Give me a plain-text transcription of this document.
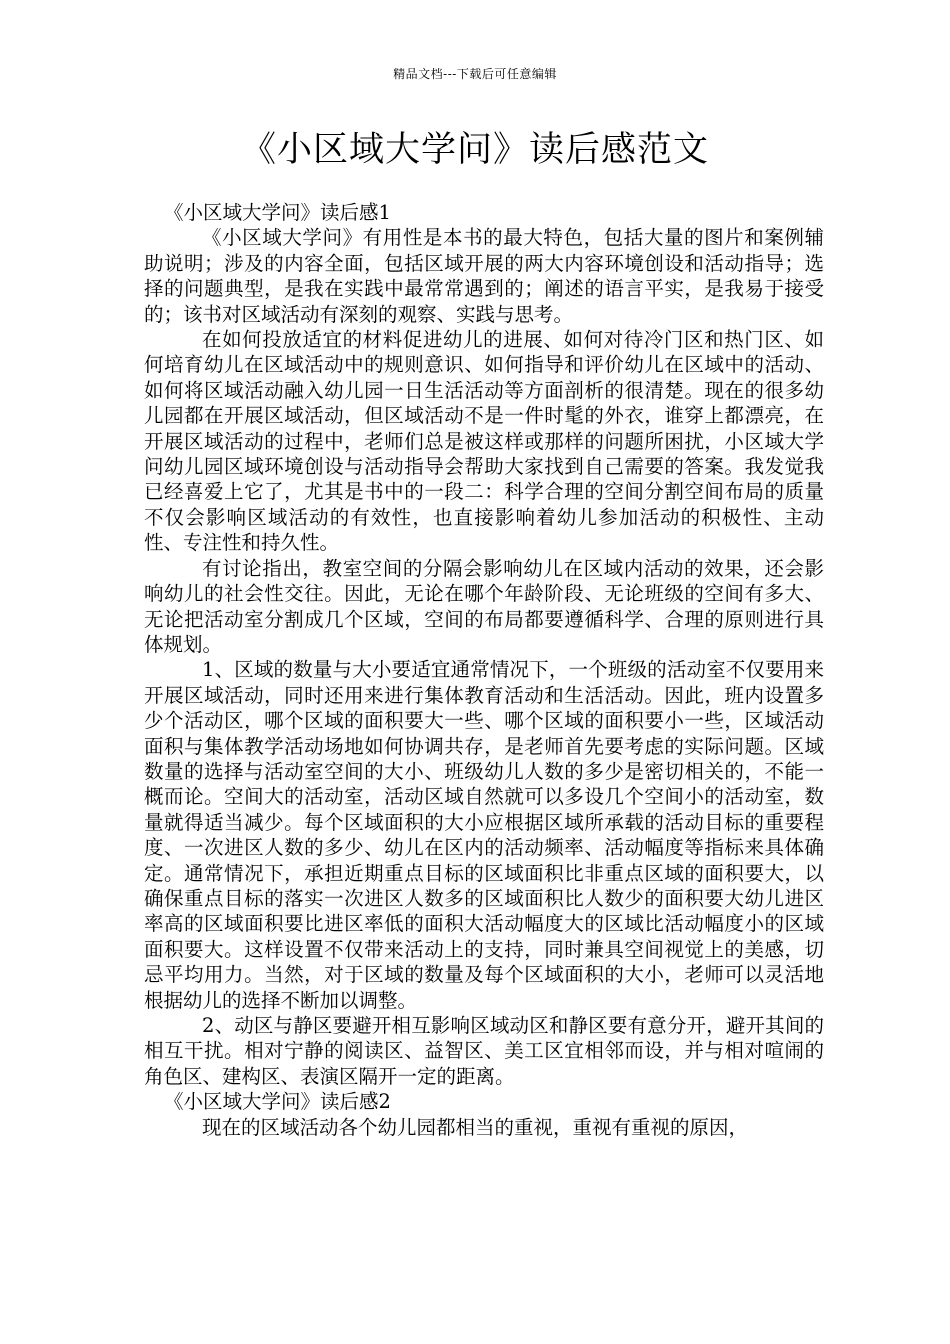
精品文档---下载后可任意编辑
《小区域大学问》读后感范文

《小区域大学问》读后感1

《小区域大学问》有用性是本书的最大特色，包括大量的图片和案例辅助说明；涉及的内容全面，包括区域开展的两大内容环境创设和活动指导；选择的问题典型，是我在实践中最常常遇到的；阐述的语言平实，是我易于接受的；该书对区域活动有深刻的观察、实践与思考。

在如何投放适宜的材料促进幼儿的进展、如何对待冷门区和热门区、如何培育幼儿在区域活动中的规则意识、如何指导和评价幼儿在区域中的活动、如何将区域活动融入幼儿园一日生活活动等方面剖析的很清楚。现在的很多幼儿园都在开展区域活动，但区域活动不是一件时髦的外衣，谁穿上都漂亮，在开展区域活动的过程中，老师们总是被这样或那样的问题所困扰，小区域大学问幼儿园区域环境创设与活动指导会帮助大家找到自己需要的答案。我发觉我已经喜爱上它了，尤其是书中的一段二：科学合理的空间分割空间布局的质量不仅会影响区域活动的有效性，也直接影响着幼儿参加活动的积极性、主动性、专注性和持久性。

有讨论指出，教室空间的分隔会影响幼儿在区域内活动的效果，还会影响幼儿的社会性交往。因此，无论在哪个年龄阶段、无论班级的空间有多大、无论把活动室分割成几个区域，空间的布局都要遵循科学、合理的原则进行具体规划。

1、区域的数量与大小要适宜通常情况下，一个班级的活动室不仅要用来开展区域活动，同时还用来进行集体教育活动和生活活动。因此，班内设置多少个活动区，哪个区域的面积要大一些、哪个区域的面积要小一些，区域活动面积与集体教学活动场地如何协调共存，是老师首先要考虑的实际问题。区域数量的选择与活动室空间的大小、班级幼儿人数的多少是密切相关的，不能一概而论。空间大的活动室，活动区域自然就可以多设几个空间小的活动室，数量就得适当减少。每个区域面积的大小应根据区域所承载的活动目标的重要程度、一次进区人数的多少、幼儿在区内的活动频率、活动幅度等指标来具体确定。通常情况下，承担近期重点目标的区域面积比非重点区域的面积要大，以确保重点目标的落实一次进区人数多的区域面积比人数少的面积要大幼儿进区率高的区域面积要比进区率低的面积大活动幅度大的区域比活动幅度小的区域面积要大。这样设置不仅带来活动上的支持，同时兼具空间视觉上的美感，切忌平均用力。当然，对于区域的数量及每个区域面积的大小，老师可以灵活地根据幼儿的选择不断加以调整。

2、动区与静区要避开相互影响区域动区和静区要有意分开，避开其间的相互干扰。相对宁静的阅读区、益智区、美工区宜相邻而设，并与相对喧闹的角色区、建构区、表演区隔开一定的距离。

《小区域大学问》读后感2

现在的区域活动各个幼儿园都相当的重视，重视有重视的原因，
